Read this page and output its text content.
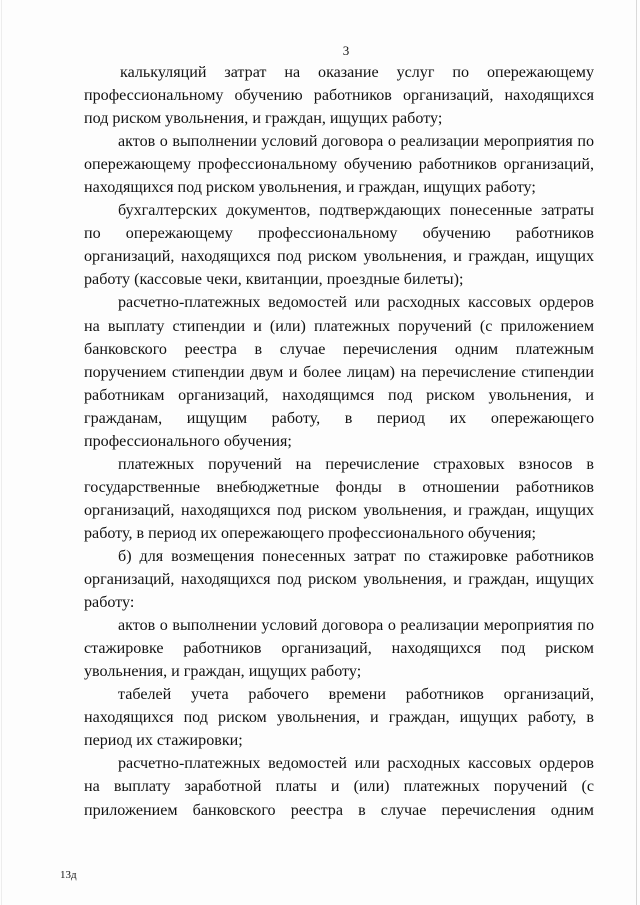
3

калькуляций затрат на оказание услуг по опережающему профессиональному обучению работников организаций, находящихся под риском увольнения, и граждан, ищущих работу;

актов о выполнении условий договора о реализации мероприятия по опережающему профессиональному обучению работников организаций, находящихся под риском увольнения, и граждан, ищущих работу;

бухгалтерских документов, подтверждающих понесенные затраты по опережающему профессиональному обучению работников организаций, находящихся под риском увольнения, и граждан, ищущих работу (кассовые чеки, квитанции, проездные билеты);

расчетно-платежных ведомостей или расходных кассовых ордеров на выплату стипендии и (или) платежных поручений (с приложением банковского реестра в случае перечисления одним платежным поручением стипендии двум и более лицам) на перечисление стипендии работникам организаций, находящимся под риском увольнения, и гражданам, ищущим работу, в период их опережающего профессионального обучения;

платежных поручений на перечисление страховых взносов в государственные внебюджетные фонды в отношении работников организаций, находящихся под риском увольнения, и граждан, ищущих работу, в период их опережающего профессионального обучения;

б) для возмещения понесенных затрат по стажировке работников организаций, находящихся под риском увольнения, и граждан, ищущих работу:

актов о выполнении условий договора о реализации мероприятия по стажировке работников организаций, находящихся под риском увольнения, и граждан, ищущих работу;

табелей учета рабочего времени работников организаций, находящихся под риском увольнения, и граждан, ищущих работу, в период их стажировки;

расчетно-платежных ведомостей или расходных кассовых ордеров на выплату заработной платы и (или) платежных поручений (с приложением банковского реестра в случае перечисления одним

13д
